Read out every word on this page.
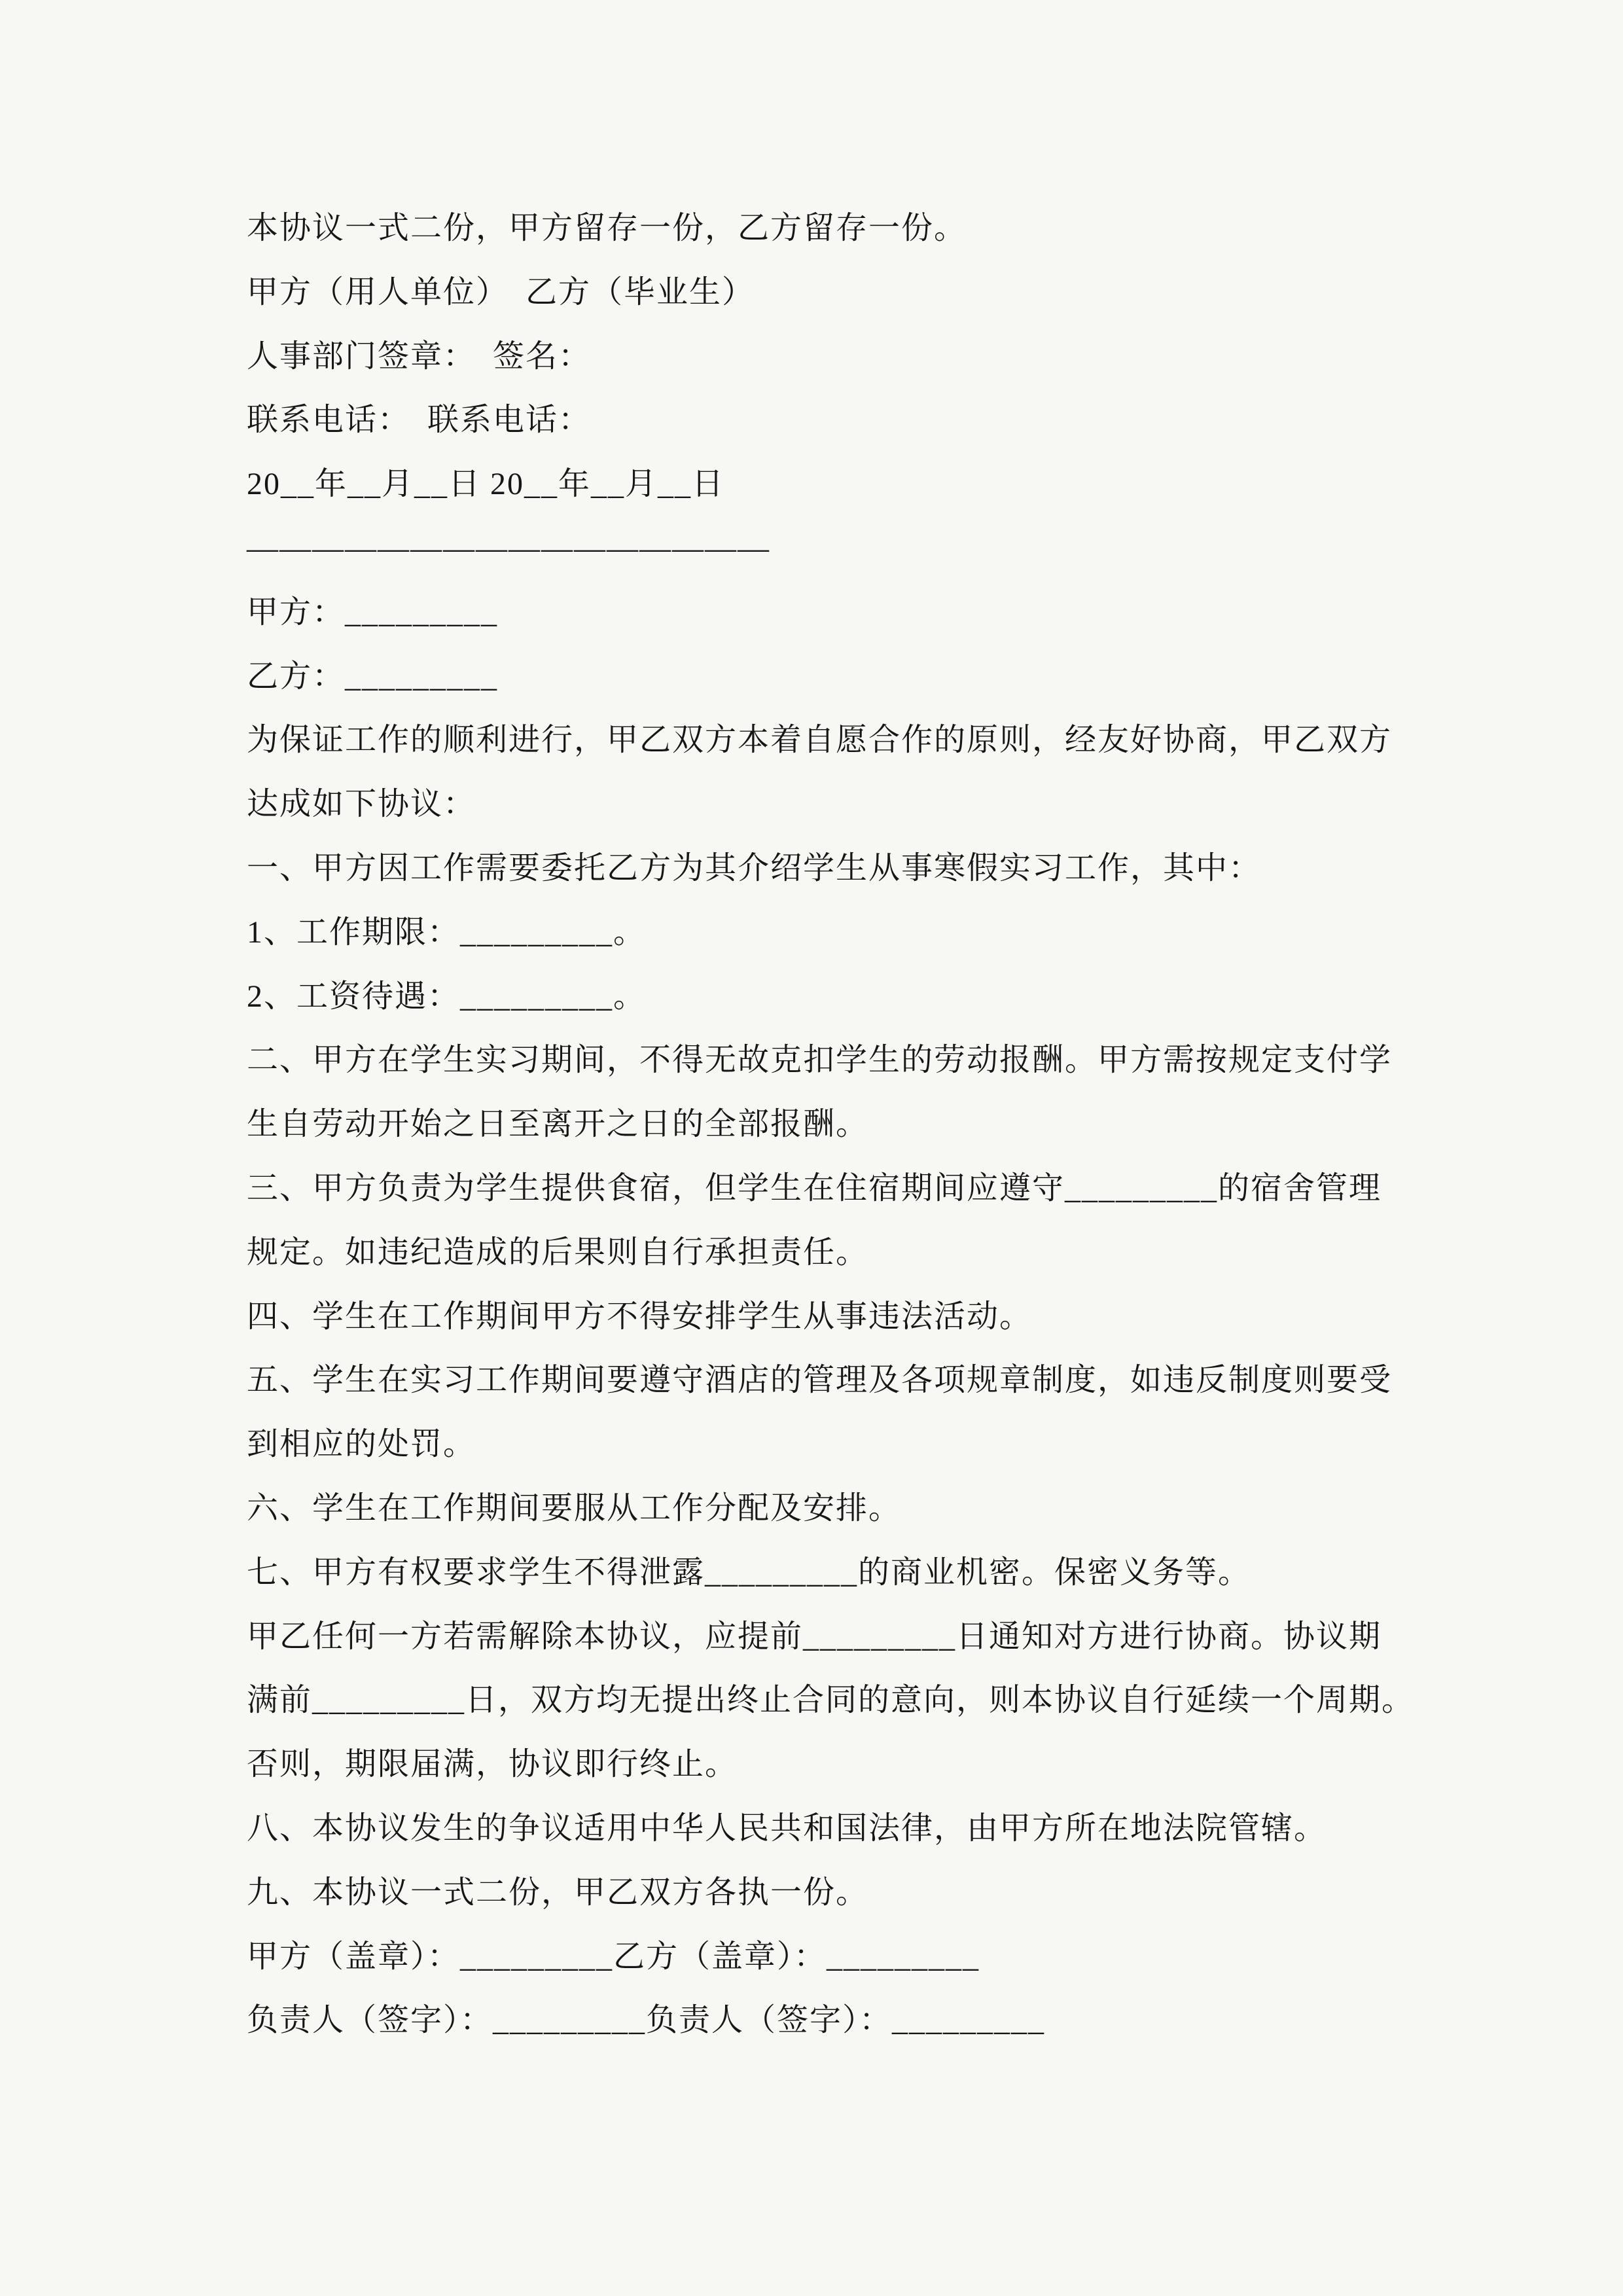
本协议一式二份，甲方留存一份，乙方留存一份。
甲方（用人单位）　乙方（毕业生）
人事部门签章：　签名：
联系电话：　联系电话：
20__年__月__日 20__年__月__日
————————————————
甲方：_________
乙方：_________
为保证工作的顺利进行，甲乙双方本着自愿合作的原则，经友好协商，甲乙双方
达成如下协议：
一、甲方因工作需要委托乙方为其介绍学生从事寒假实习工作，其中：
1、工作期限：_________。
2、工资待遇：_________。
二、甲方在学生实习期间，不得无故克扣学生的劳动报酬。甲方需按规定支付学
生自劳动开始之日至离开之日的全部报酬。
三、甲方负责为学生提供食宿，但学生在住宿期间应遵守_________的宿舍管理
规定。如违纪造成的后果则自行承担责任。
四、学生在工作期间甲方不得安排学生从事违法活动。
五、学生在实习工作期间要遵守酒店的管理及各项规章制度，如违反制度则要受
到相应的处罚。
六、学生在工作期间要服从工作分配及安排。
七、甲方有权要求学生不得泄露_________的商业机密。保密义务等。
甲乙任何一方若需解除本协议，应提前_________日通知对方进行协商。协议期
满前_________日，双方均无提出终止合同的意向，则本协议自行延续一个周期。
否则，期限届满，协议即行终止。
八、本协议发生的争议适用中华人民共和国法律，由甲方所在地法院管辖。
九、本协议一式二份，甲乙双方各执一份。
甲方（盖章）：_________乙方（盖章）：_________
负责人（签字）：_________负责人（签字）：_________
